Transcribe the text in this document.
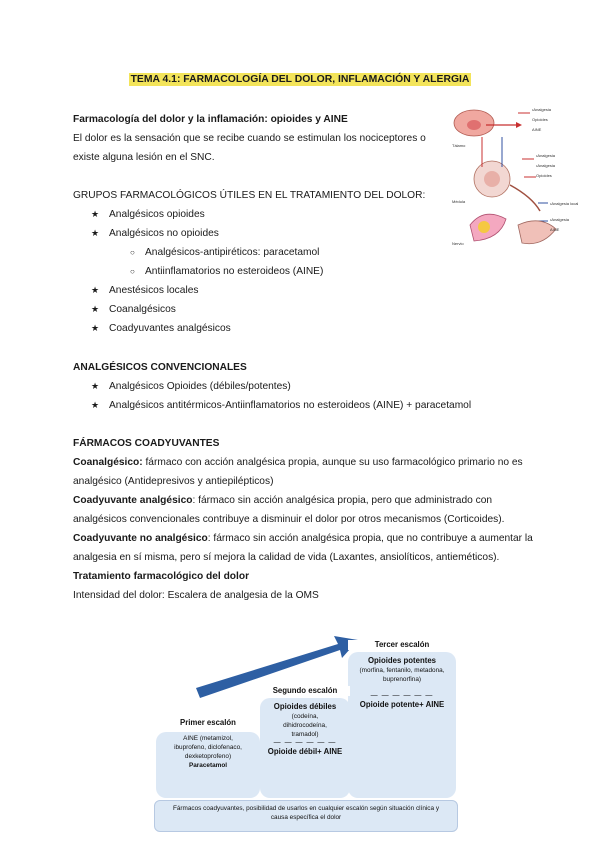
TEMA 4.1: FARMACOLOGÍA DEL DOLOR, INFLAMACIÓN Y ALERGIA
Farmacología del dolor y la inflamación: opioides y AINE
El dolor es la sensación que se recibe cuando se estimulan los nociceptores o existe alguna lesión en el SNC.
•Analgesia
Opioides
AINE
•Analgesia
•Analgesia
Opioides
•Analgesia local
•Analgesia
AINE
Tálamo
Médula
Nervio
GRUPOS FARMACOLÓGICOS ÚTILES EN EL TRATAMIENTO DEL DOLOR:
★ Analgésicos opioides
★ Analgésicos no opioides
○ Analgésicos-antipiréticos: paracetamol
○ Antiinflamatorios no esteroideos (AINE)
★ Anestésicos locales
★ Coanalgésicos
★ Coadyuvantes analgésicos
ANALGÉSICOS CONVENCIONALES
★ Analgésicos Opioides (débiles/potentes)
★ Analgésicos antitérmicos-Antiinflamatorios no esteroideos (AINE) + paracetamol
FÁRMACOS COADYUVANTES
Coanalgésico: fármaco con acción analgésica propia, aunque su uso farmacológico primario no es analgésico (Antidepresivos y antiepilépticos)
Coadyuvante analgésico: fármaco sin acción analgésica propia, pero que administrado con analgésicos convencionales contribuye a disminuir el dolor por otros mecanismos (Corticoides).
Coadyuvante no analgésico: fármaco sin acción analgésica propia, que no contribuye a aumentar la analgesia en sí misma, pero sí mejora la calidad de vida (Laxantes, ansiolíticos, antieméticos).
Tratamiento farmacológico del dolor
Intensidad del dolor: Escalera de analgesia de la OMS
Tercer escalón
Opioides potentes
(morfina, fentanilo, metadona, buprenorfina)
— — — — — —
Opioide potente+ AINE
Segundo escalón
Opioides débiles
(codeína, dihidrocodeína, tramadol)
— — — — — —
Opioide débil+ AINE
Primer escalón
AINE (metamizol, ibuprofeno, diclofenaco, dexketoprofeno)
Paracetamol
Fármacos coadyuvantes, posibilidad de usarlos en cualquier escalón según situación clínica y causa específica el dolor
